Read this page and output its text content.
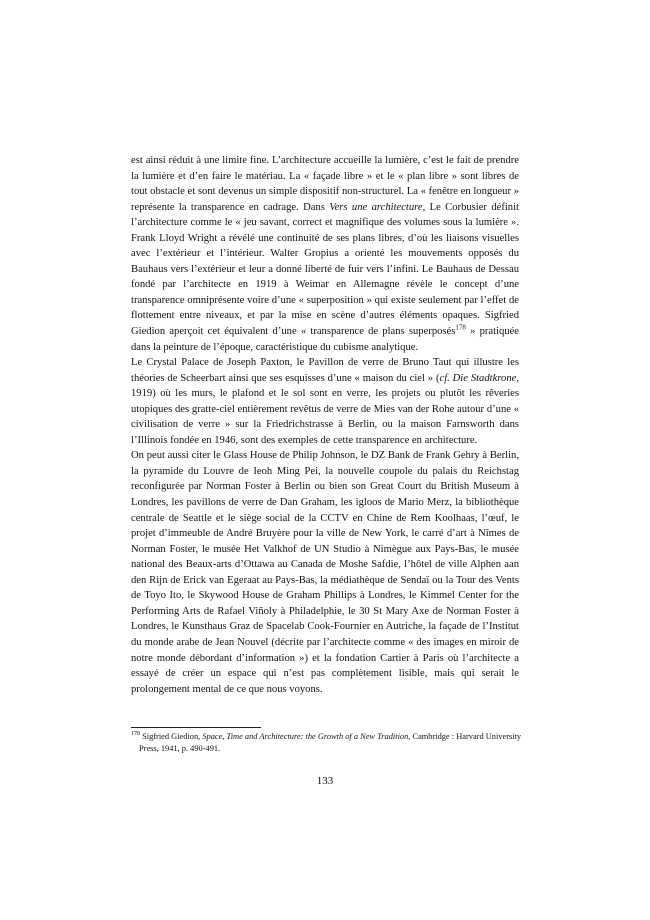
est ainsi réduit à une limite fine. L’architecture accueille la lumière, c’est le fait de prendre la lumière et d’en faire le matériau. La « façade libre » et le « plan libre » sont libres de tout obstacle et sont devenus un simple dispositif non-structurel. La « fenêtre en longueur » représente la transparence en cadrage. Dans Vers une architecture, Le Corbusier définit l’architecture comme le « jeu savant, correct et magnifique des volumes sous la lumière ». Frank Lloyd Wright a révélé une continuité de ses plans libres, d’où les liaisons visuelles avec l’extérieur et l’intérieur. Walter Gropius a orienté les mouvements opposés du Bauhaus vers l’extérieur et leur a donné liberté de fuir vers l’infini. Le Bauhaus de Dessau fondé par l’architecte en 1919 à Weimar en Allemagne révèle le concept d’une transparence omniprésente voire d’une « superposition » qui existe seulement par l’effet de flottement entre niveaux, et par la mise en scène d’autres éléments opaques. Sigfried Giedion aperçoit cet équivalent d’une « transparence de plans superposés$^{178}$ » pratiquée dans la peinture de l’époque, caractéristique du cubisme analytique.

Le Crystal Palace de Joseph Paxton, le Pavillon de verre de Bruno Taut qui illustre les théories de Scheerbart ainsi que ses esquisses d’une « maison du ciel » (cf. Die Stadtkrone, 1919) où les murs, le plafond et le sol sont en verre, les projets ou plutôt les rêveries utopiques des gratte-ciel entièrement revêtus de verre de Mies van der Rohe autour d’une « civilisation de verre » sur la Friedrichstrasse à Berlin, ou la maison Farnsworth dans l’Illinois fondée en 1946, sont des exemples de cette transparence en architecture.

On peut aussi citer le Glass House de Philip Johnson, le DZ Bank de Frank Gehry à Berlin, la pyramide du Louvre de Ieoh Ming Pei, la nouvelle coupole du palais du Reichstag reconfigurée par Norman Foster à Berlin ou bien son Great Court du British Museum à Londres, les pavillons de verre de Dan Graham, les igloos de Mario Merz, la bibliothèque centrale de Seattle et le siège social de la CCTV en Chine de Rem Koolhaas, l’œuf, le projet d’immeuble de André Bruyère pour la ville de New York, le carré d’art à Nîmes de Norman Foster, le musée Het Valkhof de UN Studio à Nimègue aux Pays-Bas, le musée national des Beaux-arts d’Ottawa au Canada de Moshe Safdie, l’hôtel de ville Alphen aan den Rijn de Erick van Egeraat au Pays-Bas, la médiathèque de Sendaï ou la Tour des Vents de Toyo Ito, le Skywood House de Graham Phillips à Londres, le Kimmel Center for the Performing Arts de Rafael Viñoly à Philadelphie, le 30 St Mary Axe de Norman Foster à Londres, le Kunsthaus Graz de Spacelab Cook-Fournier en Autriche, la façade de l’Institut du monde arabe de Jean Nouvel (décrite par l’architecte comme « des images en miroir de notre monde débordant d’information ») et la fondation Cartier à Paris où l’architecte a essayé de créer un espace qui n’est pas complètement lisible, mais qui serait le prolongement mental de ce que nous voyons.

$^{178}$ Sigfried Giedion, Space, Time and Architecture: the Growth of a New Tradition, Cambridge : Harvard University Press, 1941, p. 490-491.
133
